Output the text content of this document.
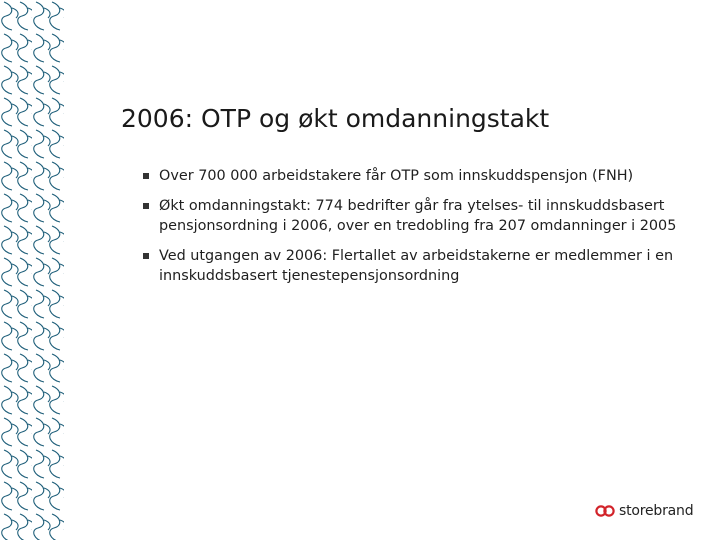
2006: OTP og økt omdanningstakt
Over 700 000 arbeidstakere får OTP som innskuddspensjon (FNH)
Økt omdanningstakt: 774 bedrifter går fra ytelses- til innskuddsbasert pensjonsordning i 2006, over en tredobling fra 207 omdanninger i 2005
Ved utgangen av 2006: Flertallet av arbeidstakerne er medlemmer i en innskuddsbasert tjenestepensjonsordning
storebrand
